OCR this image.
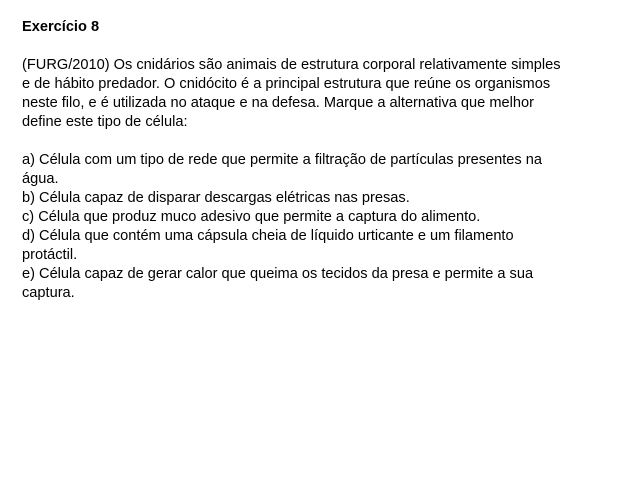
Exercício 8

(FURG/2010) Os cnidários são animais de estrutura corporal relativamente simples
e de hábito predador. O cnidócito é a principal estrutura que reúne os organismos
neste filo, e é utilizada no ataque e na defesa. Marque a alternativa que melhor
define este tipo de célula:
a) Célula com um tipo de rede que permite a filtração de partículas presentes na
água.
b) Célula capaz de disparar descargas elétricas nas presas.
c) Célula que produz muco adesivo que permite a captura do alimento.
d) Célula que contém uma cápsula cheia de líquido urticante e um filamento
protáctil.
e) Célula capaz de gerar calor que queima os tecidos da presa e permite a sua
captura.
